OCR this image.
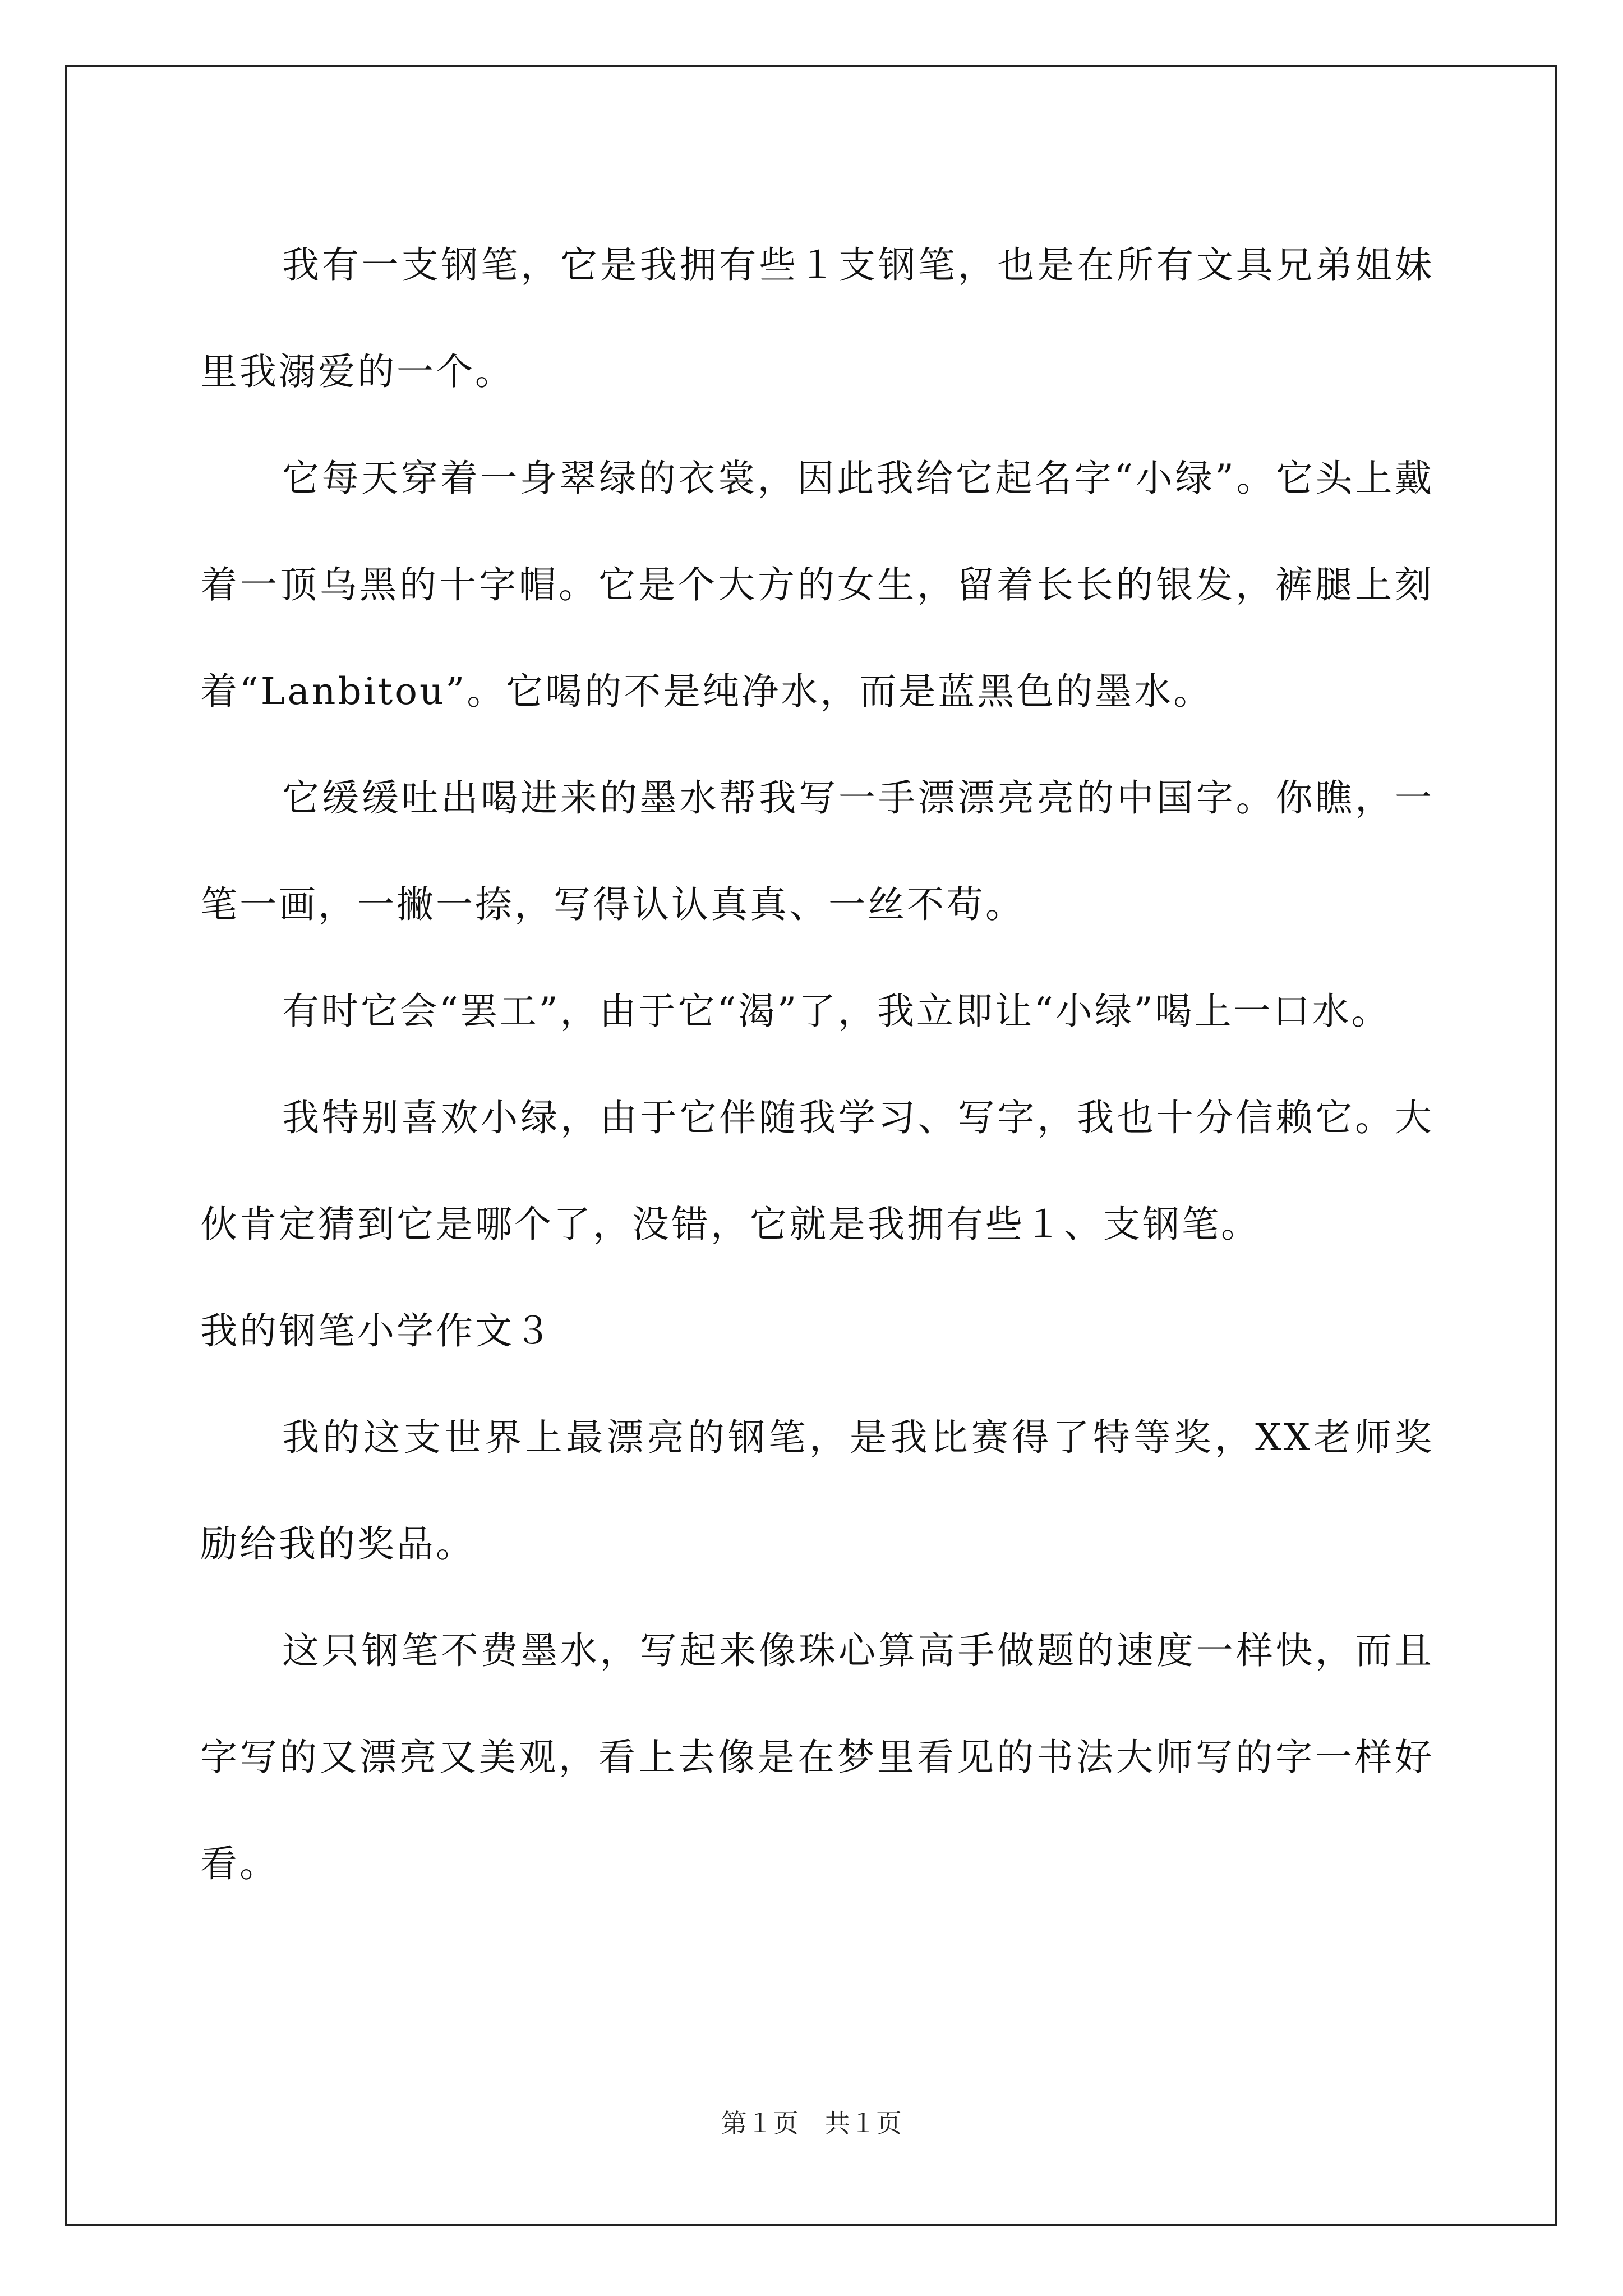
我有一支钢笔，它是我拥有些１支钢笔，也是在所有文具兄弟姐妹里我溺爱的一个。

它每天穿着一身翠绿的衣裳，因此我给它起名字“小绿”。它头上戴着一顶乌黑的十字帽。它是个大方的女生，留着长长的银发，裤腿上刻着“Lanbitou”。它喝的不是纯净水，而是蓝黑色的墨水。

它缓缓吐出喝进来的墨水帮我写一手漂漂亮亮的中国字。你瞧，一笔一画，一撇一捺，写得认认真真、一丝不苟。

有时它会“罢工”，由于它“渴”了，我立即让“小绿”喝上一口水。

我特别喜欢小绿，由于它伴随我学习、写字，我也十分信赖它。大伙肯定猜到它是哪个了，没错，它就是我拥有些１、支钢笔。

我的钢笔小学作文３

我的这支世界上最漂亮的钢笔，是我比赛得了特等奖，XX老师奖励给我的奖品。

这只钢笔不费墨水，写起来像珠心算高手做题的速度一样快，而且字写的又漂亮又美观，看上去像是在梦里看见的书法大师写的字一样好看。

第１页　共１页
